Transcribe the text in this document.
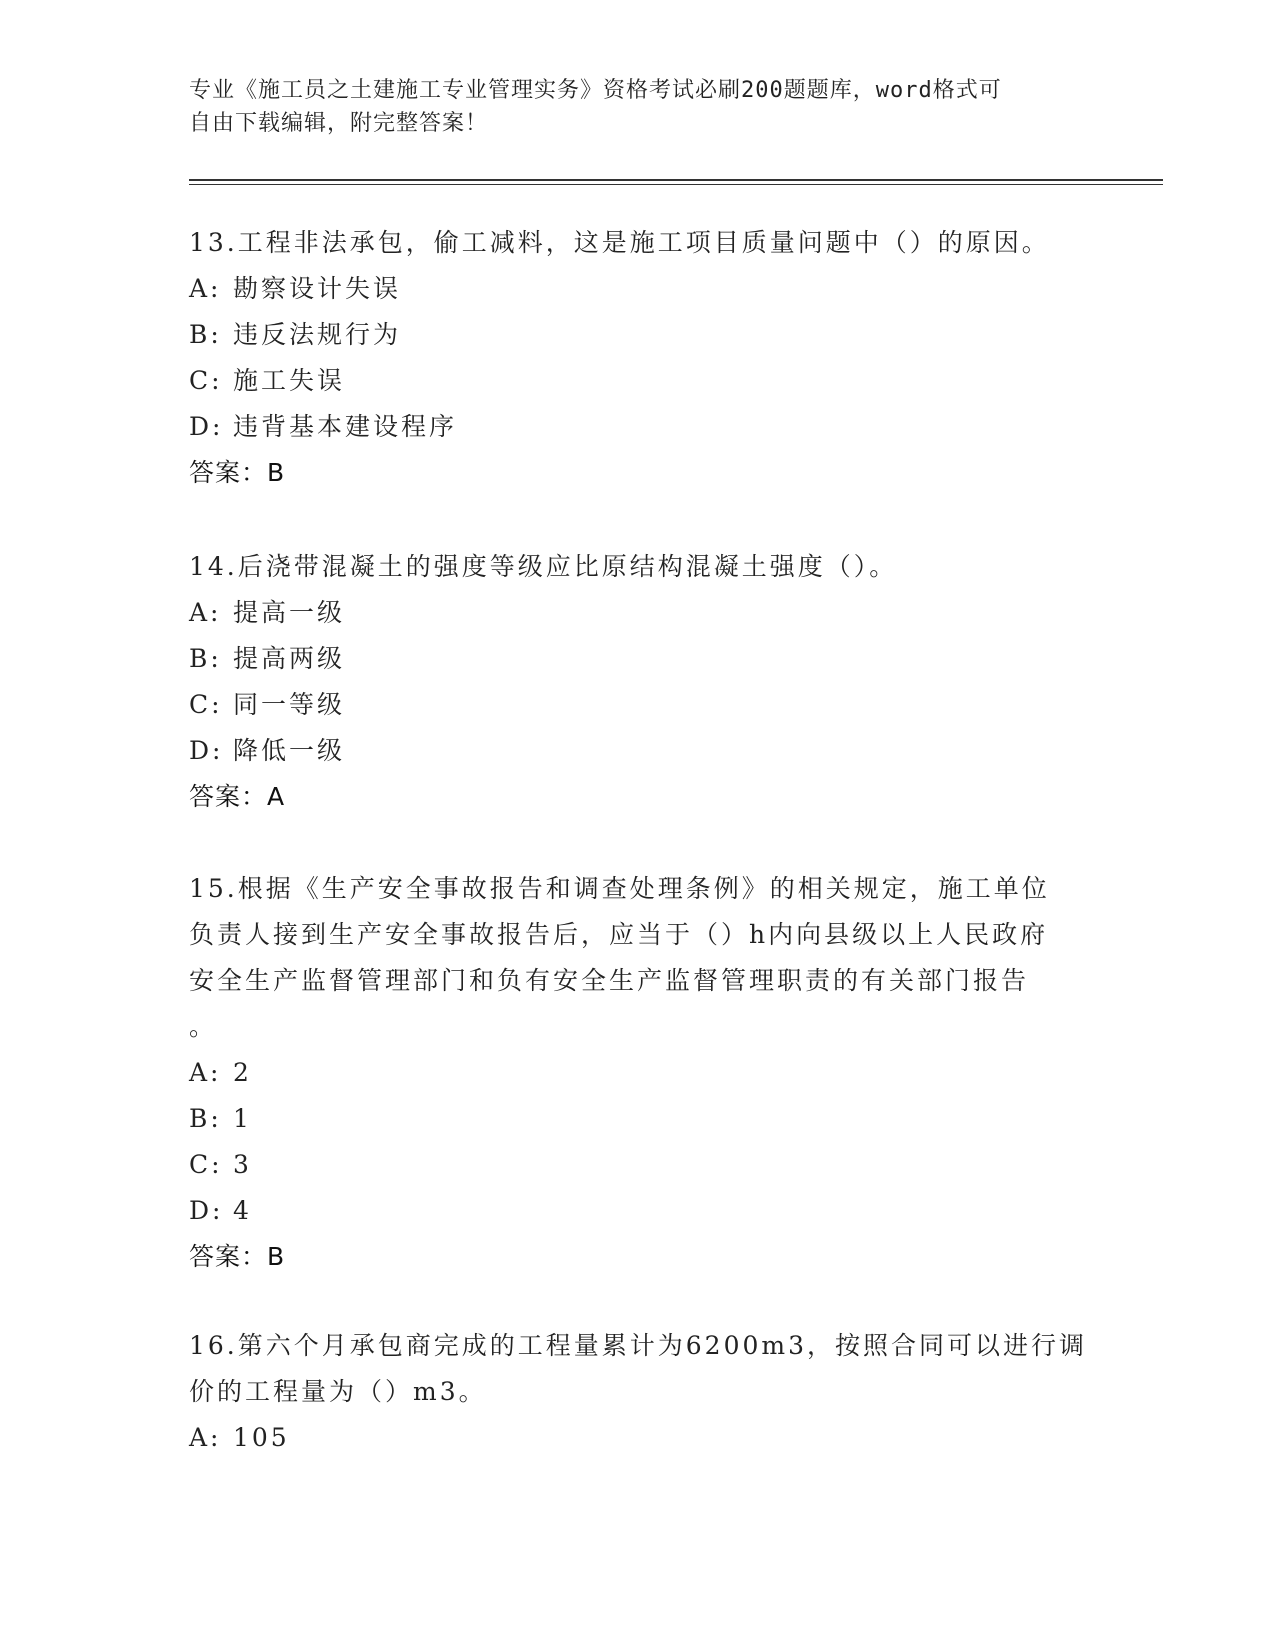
专业《施工员之土建施工专业管理实务》资格考试必刷200题题库，word格式可
自由下载编辑，附完整答案！
13.工程非法承包，偷工减料，这是施工项目质量问题中（）的原因。
A: 勘察设计失误
B: 违反法规行为
C: 施工失误
D: 违背基本建设程序
答案：B
14.后浇带混凝土的强度等级应比原结构混凝土强度（）。
A: 提高一级
B: 提高两级
C: 同一等级
D: 降低一级
答案：A
15.根据《生产安全事故报告和调查处理条例》的相关规定，施工单位
负责人接到生产安全事故报告后，应当于（）h内向县级以上人民政府
安全生产监督管理部门和负有安全生产监督管理职责的有关部门报告
。
A: 2
B: 1
C: 3
D: 4
答案：B
16.第六个月承包商完成的工程量累计为6200m3，按照合同可以进行调
价的工程量为（）m3。
A: 105
